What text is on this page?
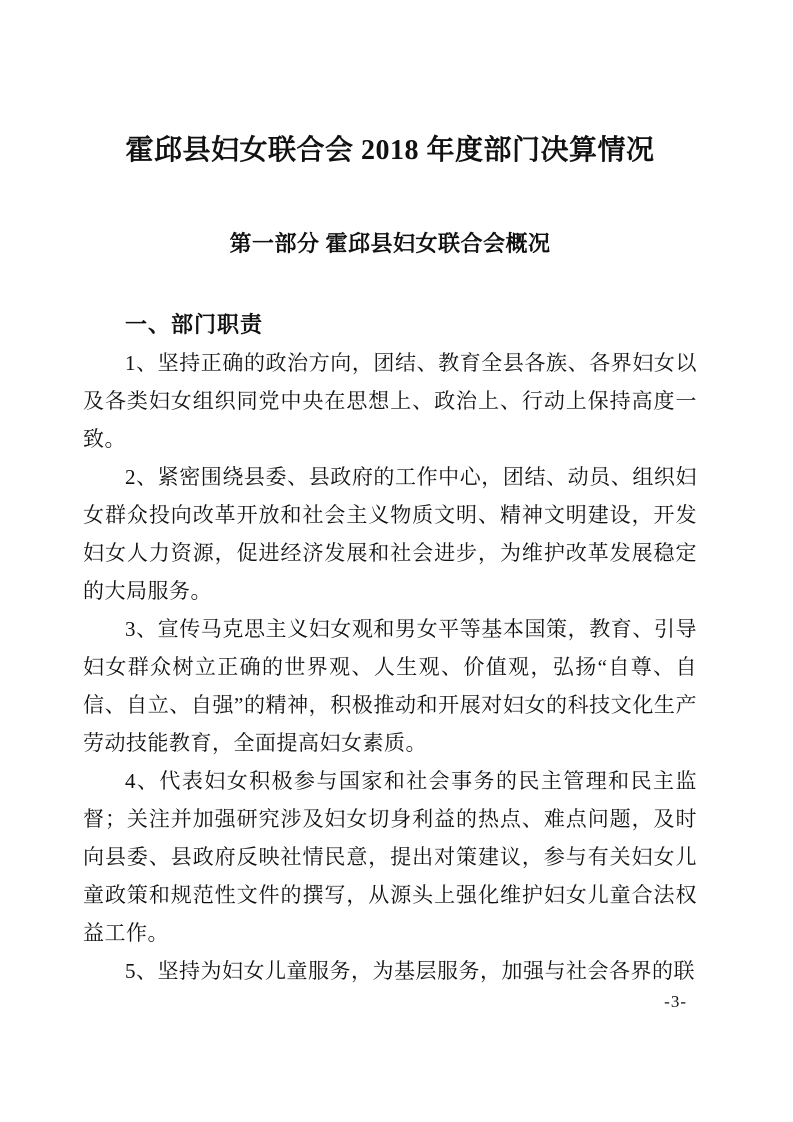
霍邱县妇女联合会 2018 年度部门决算情况
第一部分 霍邱县妇女联合会概况
一、部门职责

1、坚持正确的政治方向，团结、教育全县各族、各界妇女以及各类妇女组织同党中央在思想上、政治上、行动上保持高度一致。

2、紧密围绕县委、县政府的工作中心，团结、动员、组织妇女群众投向改革开放和社会主义物质文明、精神文明建设，开发妇女人力资源，促进经济发展和社会进步，为维护改革发展稳定的大局服务。

3、宣传马克思主义妇女观和男女平等基本国策，教育、引导妇女群众树立正确的世界观、人生观、价值观，弘扬“自尊、自信、自立、自强”的精神，积极推动和开展对妇女的科技文化生产劳动技能教育，全面提高妇女素质。

4、代表妇女积极参与国家和社会事务的民主管理和民主监督；关注并加强研究涉及妇女切身利益的热点、难点问题，及时向县委、县政府反映社情民意，提出对策建议，参与有关妇女儿童政策和规范性文件的撰写，从源头上强化维护妇女儿童合法权益工作。

5、坚持为妇女儿童服务，为基层服务，加强与社会各界的联

-3-
